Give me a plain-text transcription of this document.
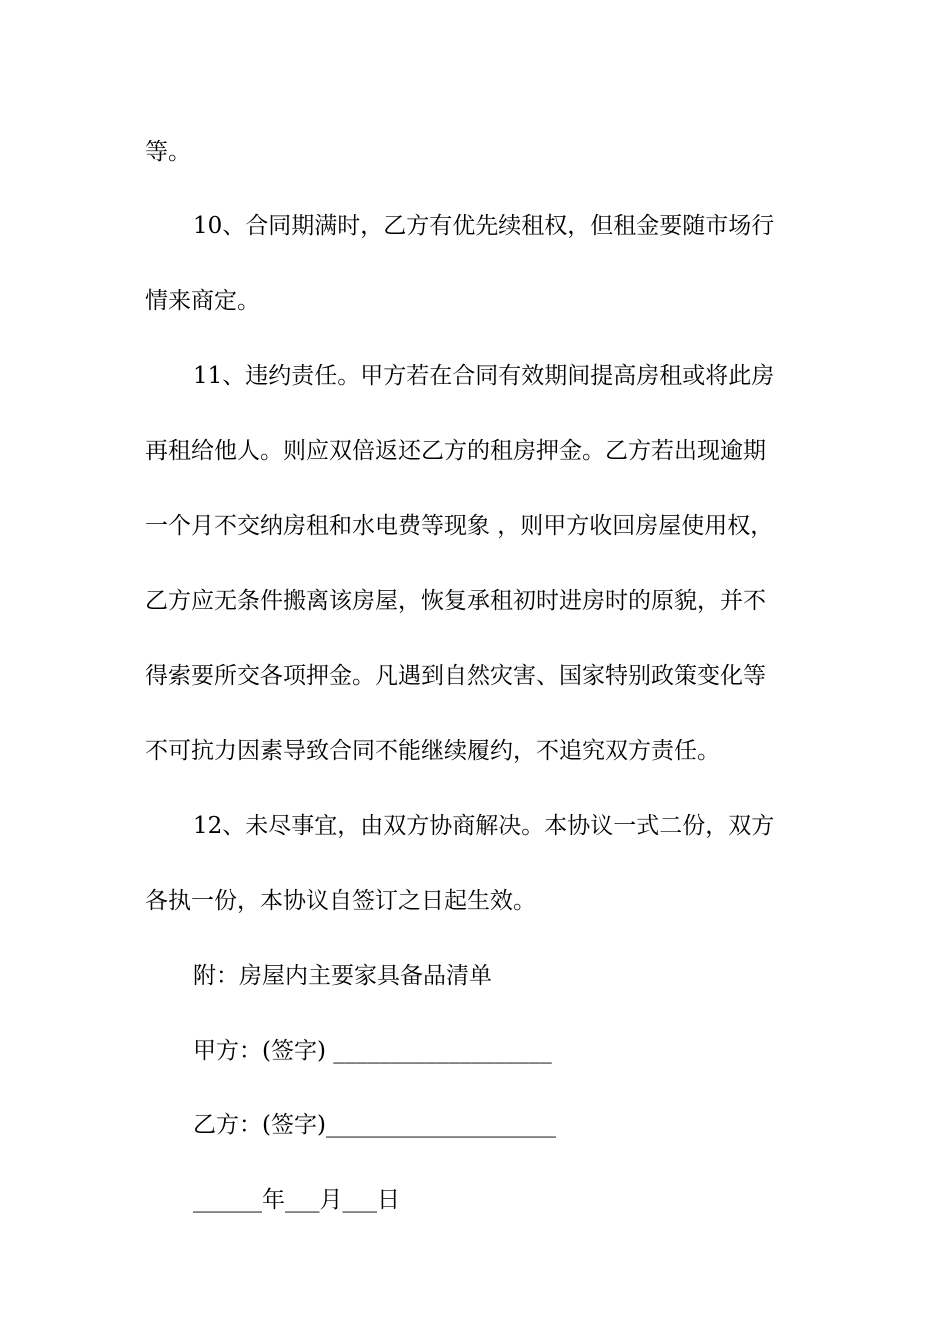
等。
10、合同期满时，乙方有优先续租权，但租金要随市场行
情来商定。
11、违约责任。甲方若在合同有效期间提高房租或将此房
再租给他人。则应双倍返还乙方的租房押金。乙方若出现逾期
一个月不交纳房租和水电费等现象 ，则甲方收回房屋使用权，
乙方应无条件搬离该房屋，恢复承租初时进房时的原貌，并不
得索要所交各项押金。凡遇到自然灾害、国家特别政策变化等
不可抗力因素导致合同不能继续履约，不追究双方责任。
12、未尽事宜，由双方协商解决。本协议一式二份，双方
各执一份，本协议自签订之日起生效。
附：房屋内主要家具备品清单
甲方：(签字) ___________________
乙方：(签字)____________________
______年___月___日
